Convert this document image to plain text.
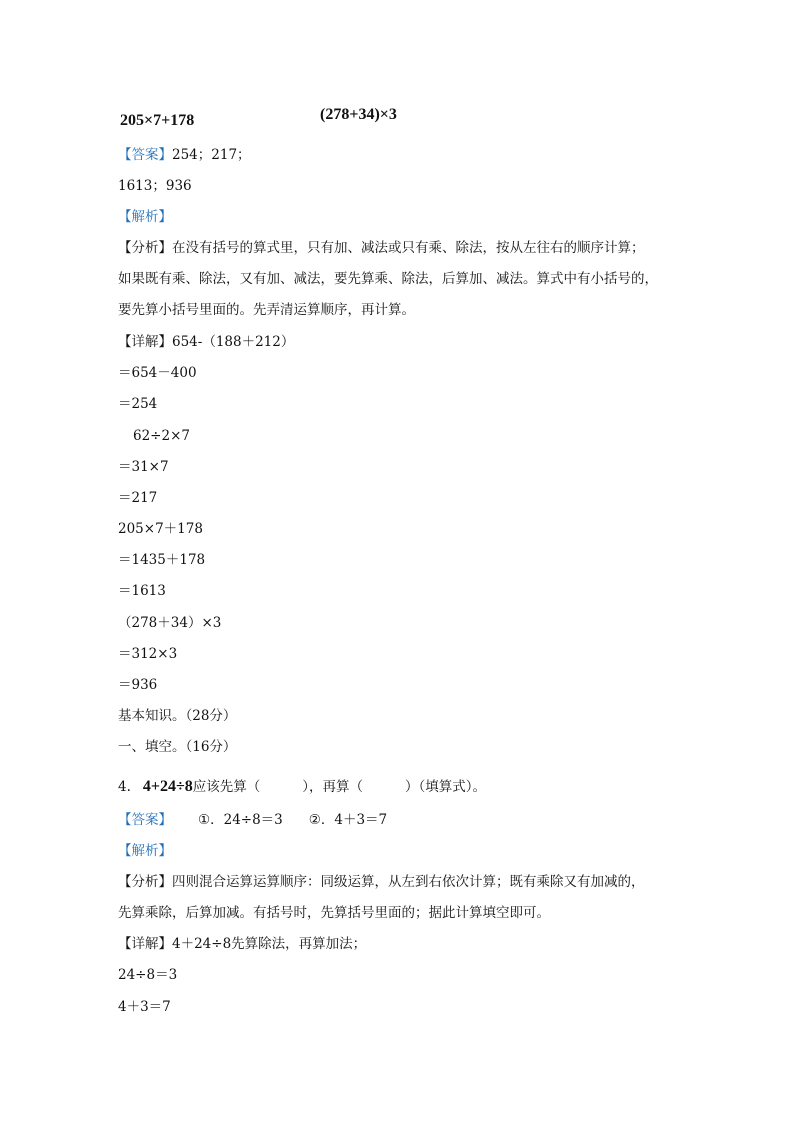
205×7+178	(278+34)×3
【答案】254；217；
1613；936
【解析】
【分析】在没有括号的算式里，只有加、减法或只有乘、除法，按从左往右的顺序计算；
如果既有乘、除法，又有加、减法，要先算乘、除法，后算加、减法。算式中有小括号的，
要先算小括号里面的。先弄清运算顺序，再计算。
【详解】654-（188＋212）
＝654－400
＝254
62÷2×7
＝31×7
＝217
205×7＋178
＝1435＋178
＝1613
（278＋34）×3
＝312×3
＝936
基本知识。（28分）
一、填空。（16分）
4. 4+24÷8应该先算（	），再算（	）（填算式）。
【答案】 ①．24÷8＝3 ②．4＋3＝7
【解析】
【分析】四则混合运算运算顺序：同级运算，从左到右依次计算；既有乘除又有加减的，
先算乘除，后算加减。有括号时，先算括号里面的；据此计算填空即可。
【详解】4＋24÷8先算除法，再算加法；
24÷8＝3
4＋3＝7
